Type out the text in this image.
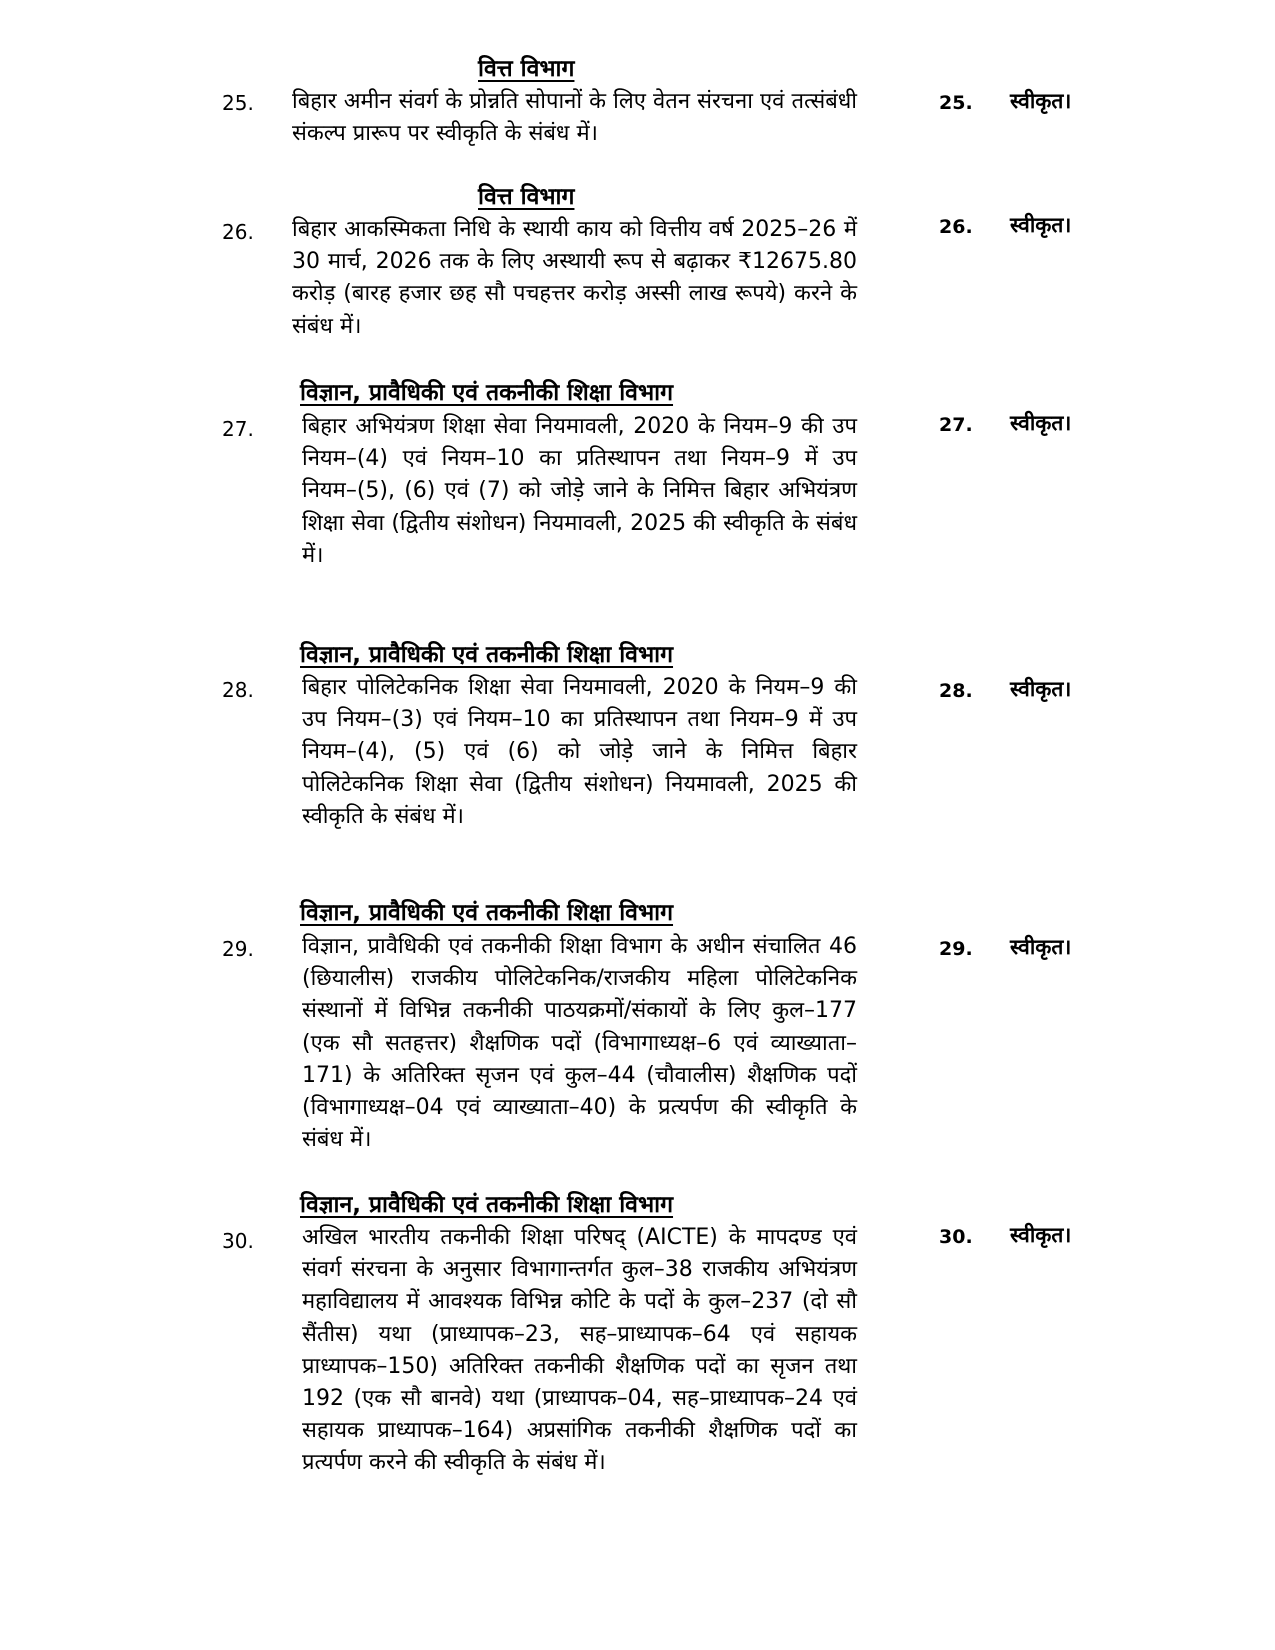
वित्त विभाग
25. बिहार अमीन संवर्ग के प्रोन्नति सोपानों के लिए वेतन संरचना एवं तत्संबंधी संकल्प प्रारूप पर स्वीकृति के संबंध में।
25. स्वीकृत।
वित्त विभाग
26. बिहार आकस्मिकता निधि के स्थायी काय को वित्तीय वर्ष 2025–26 में 30 मार्च, 2026 तक के लिए अस्थायी रूप से बढ़ाकर ₹12675.80 करोड़ (बारह हजार छह सौ पचहत्तर करोड़ अस्सी लाख रूपये) करने के संबंध में।
26. स्वीकृत।
विज्ञान, प्रावैधिकी एवं तकनीकी शिक्षा विभाग
27. बिहार अभियंत्रण शिक्षा सेवा नियमावली, 2020 के नियम–9 की उप नियम–(4) एवं नियम–10 का प्रतिस्थापन तथा नियम–9 में उप नियम–(5), (6) एवं (7) को जोड़े जाने के निमित्त बिहार अभियंत्रण शिक्षा सेवा (द्वितीय संशोधन) नियमावली, 2025 की स्वीकृति के संबंध में।
27. स्वीकृत।
विज्ञान, प्रावैधिकी एवं तकनीकी शिक्षा विभाग
28. बिहार पोलिटेकनिक शिक्षा सेवा नियमावली, 2020 के नियम–9 की उप नियम–(3) एवं नियम–10 का प्रतिस्थापन तथा नियम–9 में उप नियम–(4), (5) एवं (6) को जोड़े जाने के निमित्त बिहार पोलिटेकनिक शिक्षा सेवा (द्वितीय संशोधन) नियमावली, 2025 की स्वीकृति के संबंध में।
28. स्वीकृत।
विज्ञान, प्रावैधिकी एवं तकनीकी शिक्षा विभाग
29. विज्ञान, प्रावैधिकी एवं तकनीकी शिक्षा विभाग के अधीन संचालित 46 (छियालीस) राजकीय पोलिटेकनिक/राजकीय महिला पोलिटेकनिक संस्थानों में विभिन्न तकनीकी पाठयक्रमों/संकायों के लिए कुल–177 (एक सौ सतहत्तर) शैक्षणिक पदों (विभागाध्यक्ष–6 एवं व्याख्याता–171) के अतिरिक्त सृजन एवं कुल–44 (चौवालीस) शैक्षणिक पदों (विभागाध्यक्ष–04 एवं व्याख्याता–40) के प्रत्यर्पण की स्वीकृति के संबंध में।
29. स्वीकृत।
विज्ञान, प्रावैधिकी एवं तकनीकी शिक्षा विभाग
30. अखिल भारतीय तकनीकी शिक्षा परिषद् (AICTE) के मापदण्ड एवं संवर्ग संरचना के अनुसार विभागान्तर्गत कुल–38 राजकीय अभियंत्रण महाविद्यालय में आवश्यक विभिन्न कोटि के पदों के कुल–237 (दो सौ सैंतीस) यथा (प्राध्यापक–23, सह–प्राध्यापक–64 एवं सहायक प्राध्यापक–150) अतिरिक्त तकनीकी शैक्षणिक पदों का सृजन तथा 192 (एक सौ बानवे) यथा (प्राध्यापक–04, सह–प्राध्यापक–24 एवं सहायक प्राध्यापक–164) अप्रसांगिक तकनीकी शैक्षणिक पदों का प्रत्यर्पण करने की स्वीकृति के संबंध में।
30. स्वीकृत।
